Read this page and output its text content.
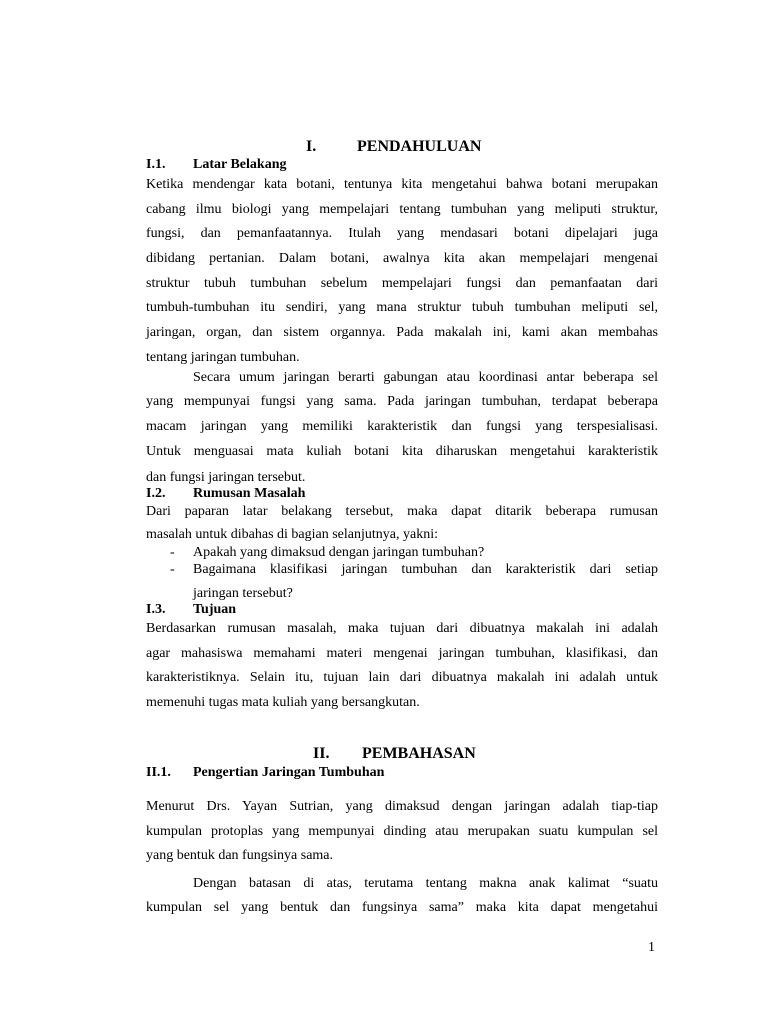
I.	PENDAHULUAN
I.1. Latar Belakang
Ketika mendengar kata botani, tentunya kita mengetahui bahwa botani merupakan
cabang ilmu biologi yang mempelajari tentang tumbuhan yang meliputi struktur,
fungsi, dan pemanfaatannya. Itulah yang mendasari botani dipelajari juga
dibidang pertanian. Dalam botani, awalnya kita akan mempelajari mengenai
struktur tubuh tumbuhan sebelum mempelajari fungsi dan pemanfaatan dari
tumbuh-tumbuhan itu sendiri, yang mana struktur tubuh tumbuhan meliputi sel,
jaringan, organ, dan sistem organnya. Pada makalah ini, kami akan membahas
tentang jaringan tumbuhan.
Secara umum jaringan berarti gabungan atau koordinasi antar beberapa sel
yang mempunyai fungsi yang sama. Pada jaringan tumbuhan, terdapat beberapa
macam jaringan yang memiliki karakteristik dan fungsi yang terspesialisasi.
Untuk menguasai mata kuliah botani kita diharuskan mengetahui karakteristik
dan fungsi jaringan tersebut.
I.2. Rumusan Masalah
Dari paparan latar belakang tersebut, maka dapat ditarik beberapa rumusan
masalah untuk dibahas di bagian selanjutnya, yakni:
- Apakah yang dimaksud dengan jaringan tumbuhan?
- Bagaimana klasifikasi jaringan tumbuhan dan karakteristik dari setiap
jaringan tersebut?
I.3. Tujuan
Berdasarkan rumusan masalah, maka tujuan dari dibuatnya makalah ini adalah
agar mahasiswa memahami materi mengenai jaringan tumbuhan, klasifikasi, dan
karakteristiknya. Selain itu, tujuan lain dari dibuatnya makalah ini adalah untuk
memenuhi tugas mata kuliah yang bersangkutan.
II. PEMBAHASAN
II.1. Pengertian Jaringan Tumbuhan
Menurut Drs. Yayan Sutrian, yang dimaksud dengan jaringan adalah tiap-tiap
kumpulan protoplas yang mempunyai dinding atau merupakan suatu kumpulan sel
yang bentuk dan fungsinya sama.
Dengan batasan di atas, terutama tentang makna anak kalimat “suatu
kumpulan sel yang bentuk dan fungsinya sama” maka kita dapat mengetahui
1
